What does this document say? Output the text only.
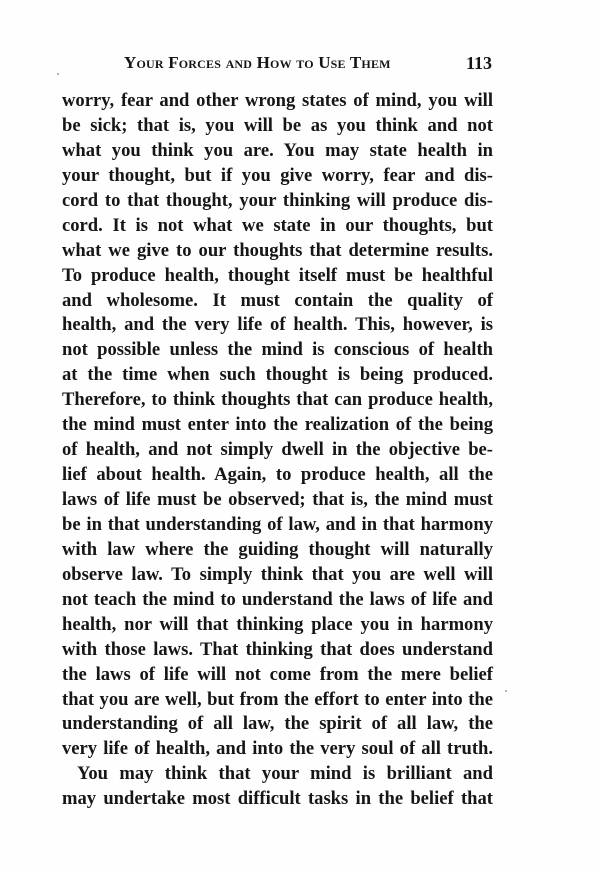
Your Forces and How to Use Them	113
worry, fear and other wrong states of mind, you will
be sick; that is, you will be as you think and not
what you think you are. You may state health in
your thought, but if you give worry, fear and dis-
cord to that thought, your thinking will produce dis-
cord. It is not what we state in our thoughts, but
what we give to our thoughts that determine results.
To produce health, thought itself must be healthful
and wholesome. It must contain the quality of
health, and the very life of health. This, however, is
not possible unless the mind is conscious of health
at the time when such thought is being produced.
Therefore, to think thoughts that can produce health,
the mind must enter into the realization of the being
of health, and not simply dwell in the objective be-
lief about health. Again, to produce health, all the
laws of life must be observed; that is, the mind must
be in that understanding of law, and in that harmony
with law where the guiding thought will naturally
observe law. To simply think that you are well will
not teach the mind to understand the laws of life and
health, nor will that thinking place you in harmony
with those laws. That thinking that does understand
the laws of life will not come from the mere belief
that you are well, but from the effort to enter into the
understanding of all law, the spirit of all law, the
very life of health, and into the very soul of all truth.
You may think that your mind is brilliant and
may undertake most difficult tasks in the belief that
